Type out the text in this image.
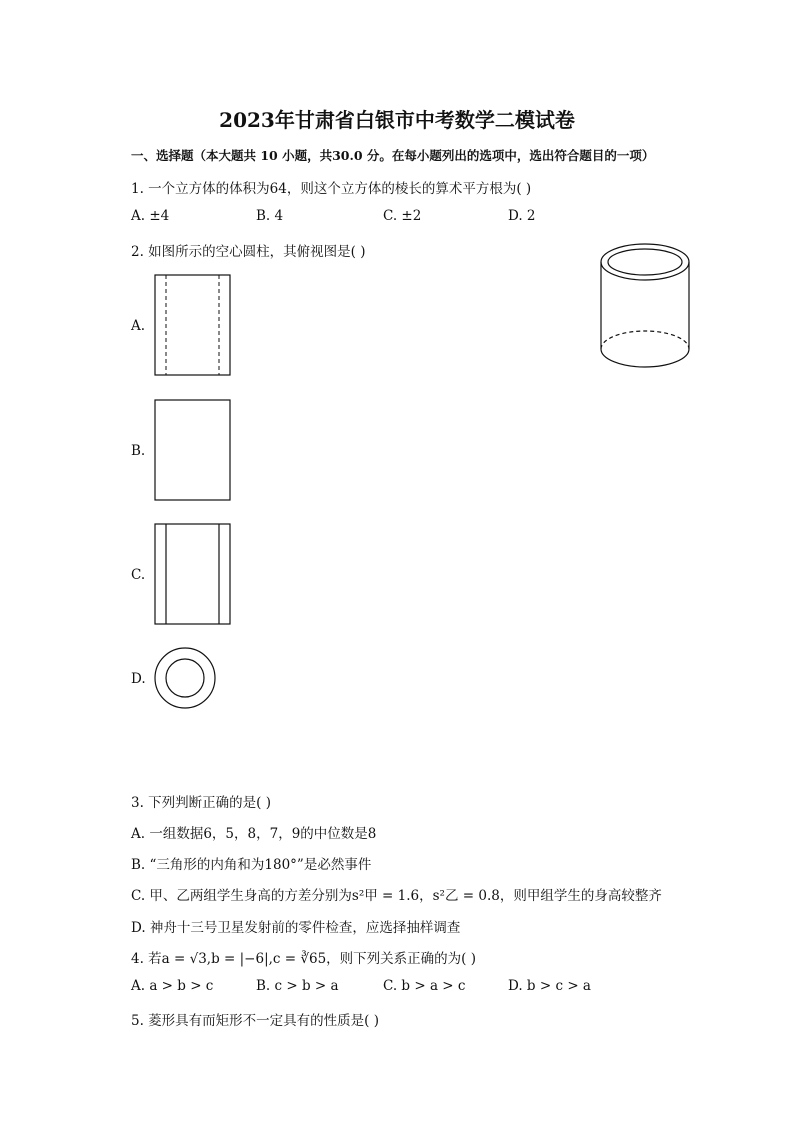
2023年甘肃省白银市中考数学二模试卷
一、选择题（本大题共 10 小题，共30.0 分。在每小题列出的选项中，选出符合题目的一项）
1. 一个立方体的体积为64，则这个立方体的棱长的算术平方根为( )
A. ±4	B. 4	C. ±2	D. 2
2. 如图所示的空心圆柱，其俯视图是( )
A.
B.
C.
D.
3. 下列判断正确的是( )
A. 一组数据6，5，8，7，9的中位数是8
B. “三角形的内角和为180°”是必然事件
C. 甲、乙两组学生身高的方差分别为s²甲 = 1.6，s²乙 = 0.8，则甲组学生的身高较整齐
D. 神舟十三号卫星发射前的零件检查，应选择抽样调查
4. 若a = √3,b = |−6|,c = ∛65，则下列关系正确的为( )
A. a > b > c	B. c > b > a	C. b > a > c	D. b > c > a
5. 菱形具有而矩形不一定具有的性质是( )
